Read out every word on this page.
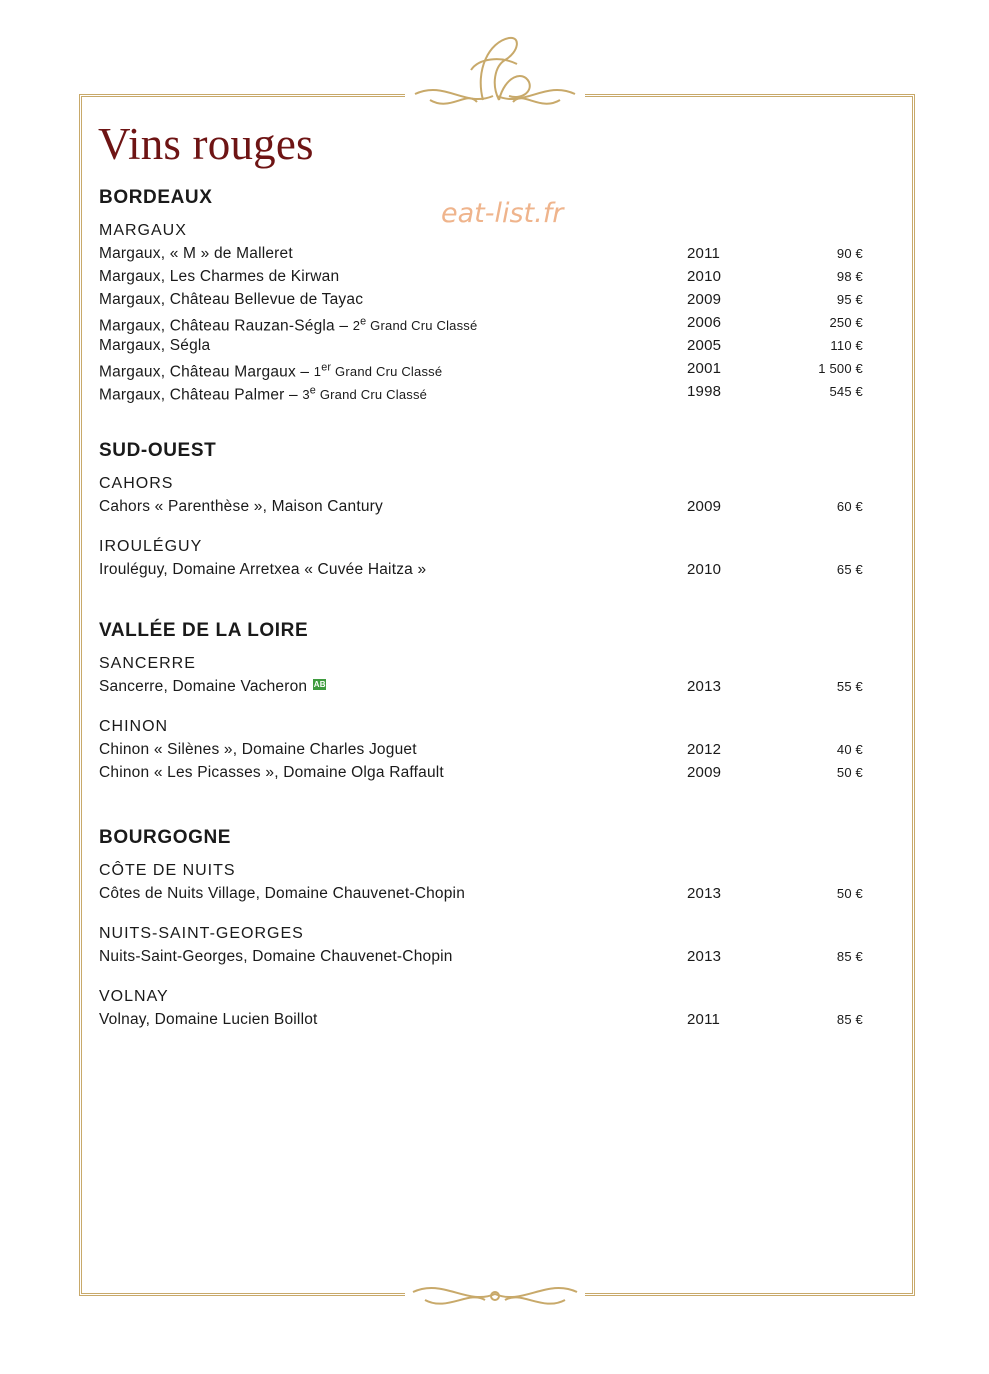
Vins rouges
eat-list.fr
BORDEAUX
MARGAUX
Margaux, « M » de Malleret	2011	90 €
Margaux, Les Charmes de Kirwan	2010	98 €
Margaux, Château Bellevue de Tayac	2009	95 €
Margaux, Château Rauzan-Ségla – 2e Grand Cru Classé	2006	250 €
Margaux, Ségla	2005	110 €
Margaux, Château Margaux – 1er Grand Cru Classé	2001	1 500 €
Margaux, Château Palmer – 3e Grand Cru Classé	1998	545 €
SUD-OUEST
CAHORS
Cahors « Parenthèse », Maison Cantury	2009	60 €
IROULÉGUY
Irouléguy, Domaine Arretxea « Cuvée Haitza »	2010	65 €
VALLÉE DE LA LOIRE
SANCERRE
Sancerre, Domaine Vacheron AB	2013	55 €
CHINON
Chinon « Silènes », Domaine Charles Joguet	2012	40 €
Chinon « Les Picasses », Domaine Olga Raffault	2009	50 €
BOURGOGNE
CÔTE DE NUITS
Côtes de Nuits Village, Domaine Chauvenet-Chopin	2013	50 €
NUITS-SAINT-GEORGES
Nuits-Saint-Georges, Domaine Chauvenet-Chopin	2013	85 €
VOLNAY
Volnay, Domaine Lucien Boillot	2011	85 €
